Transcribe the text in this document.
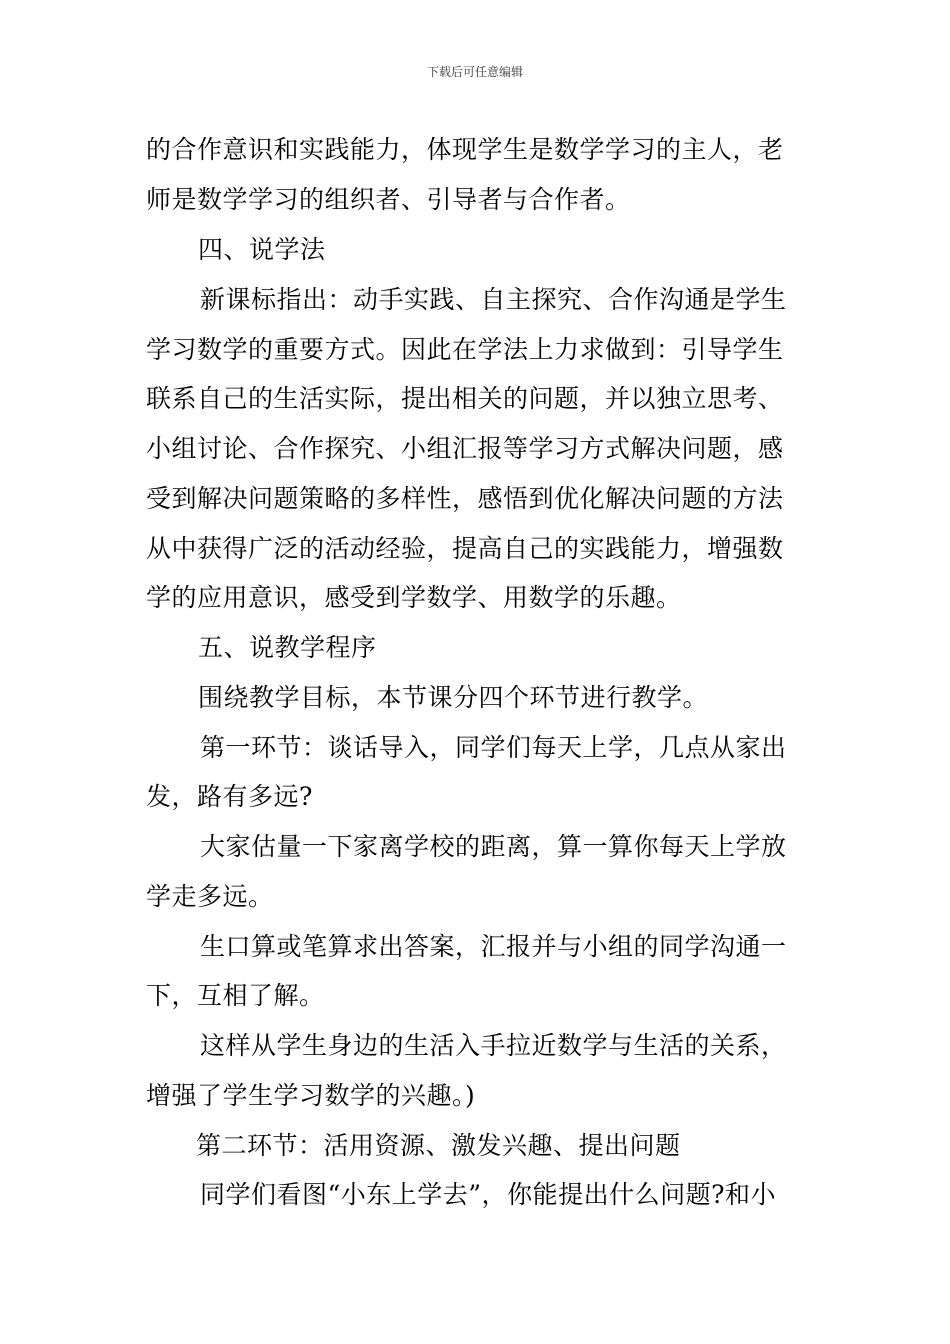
下载后可任意编辑
的合作意识和实践能力，体现学生是数学学习的主人，老
师是数学学习的组织者、引导者与合作者。
四、说学法
新课标指出：动手实践、自主探究、合作沟通是学生
学习数学的重要方式。因此在学法上力求做到：引导学生
联系自己的生活实际，提出相关的问题，并以独立思考、
小组讨论、合作探究、小组汇报等学习方式解决问题，感
受到解决问题策略的多样性，感悟到优化解决问题的方法
从中获得广泛的活动经验，提高自己的实践能力，增强数
学的应用意识，感受到学数学、用数学的乐趣。
五、说教学程序
围绕教学目标，本节课分四个环节进行教学。
第一环节：谈话导入，同学们每天上学，几点从家出
发，路有多远?
大家估量一下家离学校的距离，算一算你每天上学放
学走多远。
生口算或笔算求出答案，汇报并与小组的同学沟通一
下，互相了解。
这样从学生身边的生活入手拉近数学与生活的关系，
增强了学生学习数学的兴趣。)
第二环节：活用资源、激发兴趣、提出问题
同学们看图“小东上学去”，你能提出什么问题?和小
